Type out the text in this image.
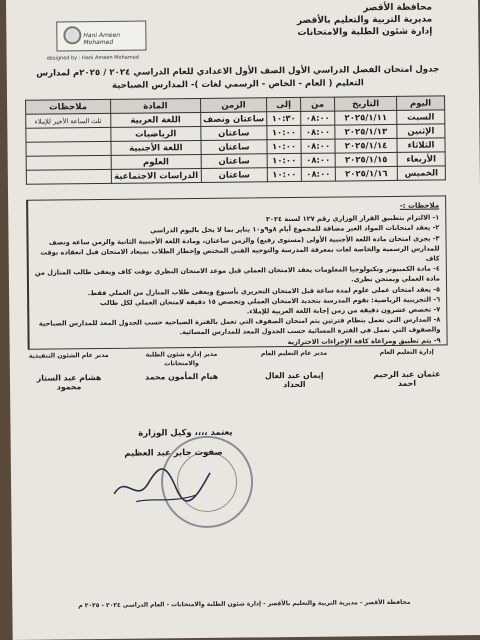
محافظة الأقصر
مديرية التربية والتعليم بالأقصر
إدارة شئون الطلبة والامتحانات
Hani Ameen Mohamed
designed by : Hani Ameen Mohamed
جدول امتحان الفصل الدراسي الأول الصف الأول الاعدادي للعام الدراسي ٢٠٢٤ / ٢٠٢٥م لمدارس
التعليم ( العام - الخاص - الرسمي لغات )- المدارس الصباحية
اليوم	التاريخ	من	إلى	الزمن	المادة	ملاحظات
السبت	٢٠٢٥/١/١١	٠٨:٠٠	١٠:٣٠	ساعتان ونصف	اللغة العربية	ثلث الساعة الأخير للإملاء
الإثنين	٢٠٢٥/١/١٣	٠٨:٠٠	١٠:٠٠	ساعتان	الرياضيات	
الثلاثاء	٢٠٢٥/١/١٤	٠٨:٠٠	١٠:٠٠	ساعتان	اللغة الأجنبية	
الأربعاء	٢٠٢٥/١/١٥	٠٨:٠٠	١٠:٠٠	ساعتان	العلوم	
الخميس	٢٠٢٥/١/١٦	٠٨:٠٠	١٠:٠٠	ساعتان	الدراسات الاجتماعية	
ملاحظات :-
١- الالتزام بتطبيق القرار الوزاري رقم ١٢٧ لسنة ٢٠٢٤
٢- يعقد امتحانات المواد الغير مضافة للمجموع أيام ٨و٩و١٠ يناير بما لا يخل باليوم الدراسي
٣- يجرى امتحان مادة اللغة الأجنبية الأولى (مستوى رفيع) والزمن ساعتان، ومادة اللغة الأجنبية الثانية والزمن ساعة ونصف للمدارس الرسمية والخاصة لغات بمعرفة المدرسة والتوجيه الفني المختص وإخطار الطلاب بميعاد الامتحان قبل انعقاده بوقت كاف
٤- مادة الكمبيوتر وتكنولوجيا المعلومات يعقد الامتحان العملي قبل موعد الامتحان النظري بوقت كاف ويعقى طالب المنازل من مادة العملي ويمتحن نظري.
٥- يعقد امتحان عملي علوم لمدة ساعة قبل الامتحان التحريري بأسبوع ويعفى طلاب المنازل من العملي فقط.
٦- التجريبية الرياضية: تقوم المدرسة بتحديد الامتحان العملي وتخصص ١٥ دقيقة لامتحان العملي لكل طالب
٧- تخصص عشرون دقيقة من زمن إجابة اللغة العربية للإملاء.
٨- المدارس التي تعمل بنظام فترتين يتم امتحان الصفوف التي تعمل بالفترة الصباحية حسب الجدول المعد للمدارس الصباحية والصفوف التي تعمل في الفترة المسائية حسب الجدول المعد للمدارس المسائية.
٩- يتم تطبيق ومراعاة كافة الإجراءات الاحترازية
إدارة التعليم العام
عثمان عبد الرحيم احمد
مدير عام التعليم العام
إيمان عبد العال الحداد
مدير إدارة شئون الطلبة والامتحانات
هيام المأمون محمد
مدير عام الشئون التنفيذية
هشام عبد الستار محمود
يعتمد ،،،، وكيل الوزارة
صفوت جابر عبد العظيم
محافظة الأقصر - مديرية التربية والتعليم بالأقصر - إدارة شئون الطلبة والامتحانات - العام الدراسي ٢٠٢٤ - ٢٠٢٥ م
